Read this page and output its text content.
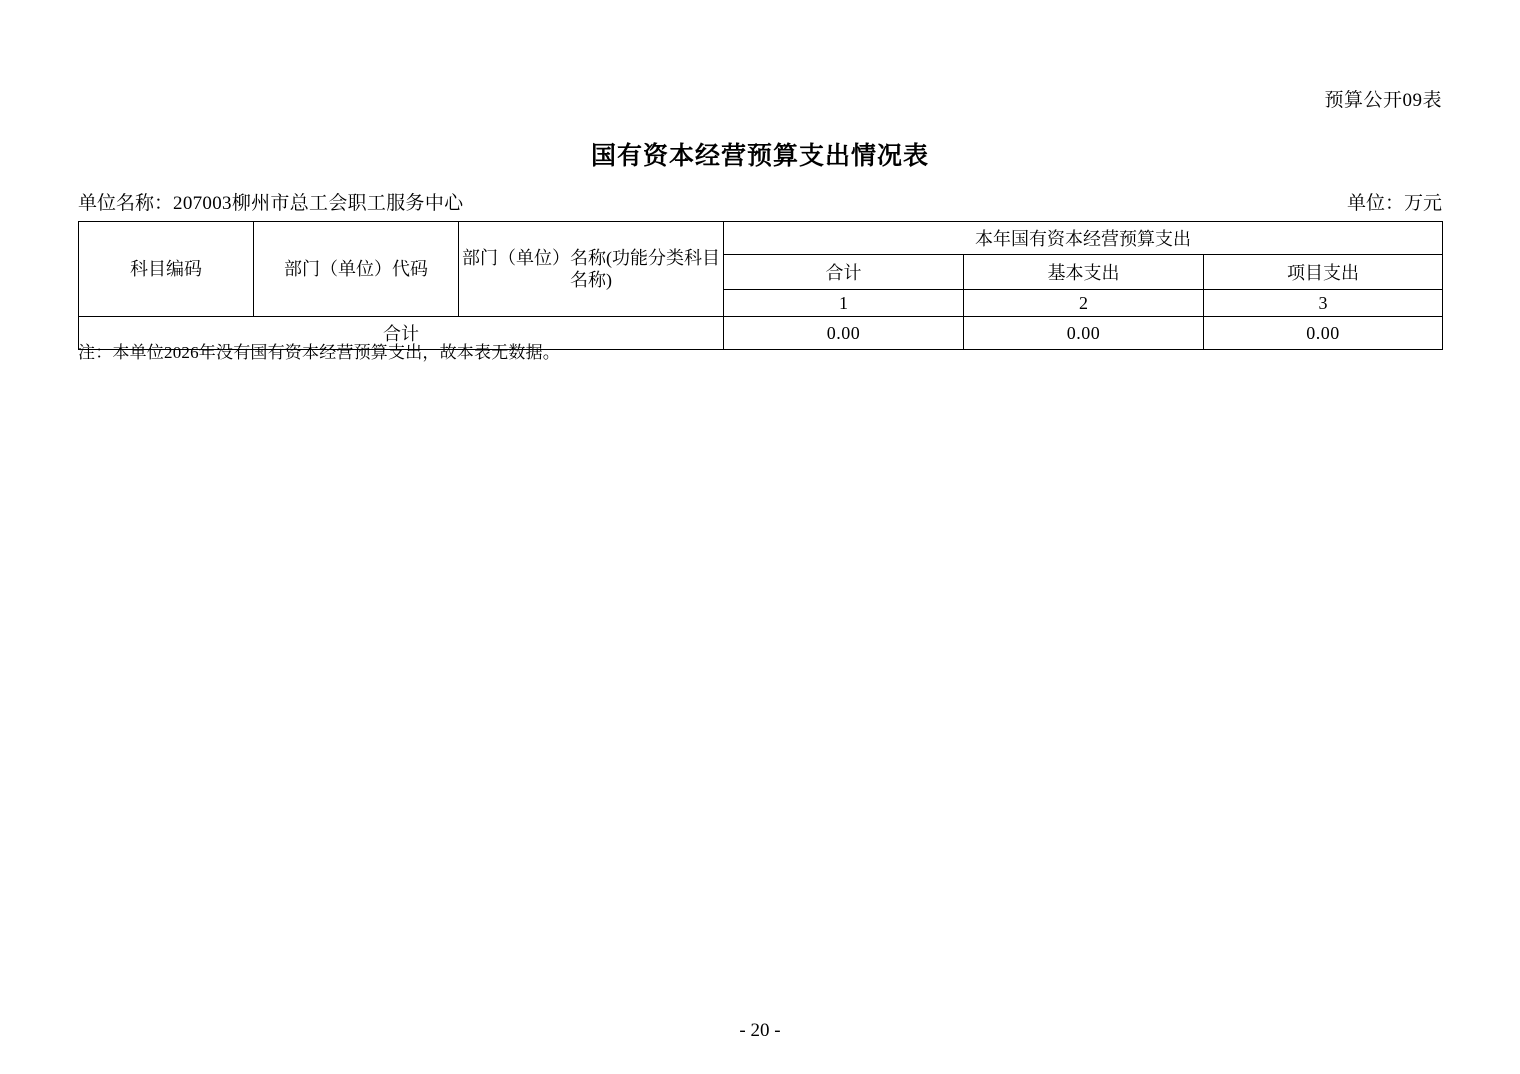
预算公开09表
国有资本经营预算支出情况表
单位名称：207003柳州市总工会职工服务中心	单位：万元
科目编码	部门（单位）代码	部门（单位）名称(功能分类科目名称)	本年国有资本经营预算支出		
			合计	基本支出	项目支出
			1	2	3
合计			0.00	0.00	0.00
注：本单位2026年没有国有资本经营预算支出，故本表无数据。
- 20 -
